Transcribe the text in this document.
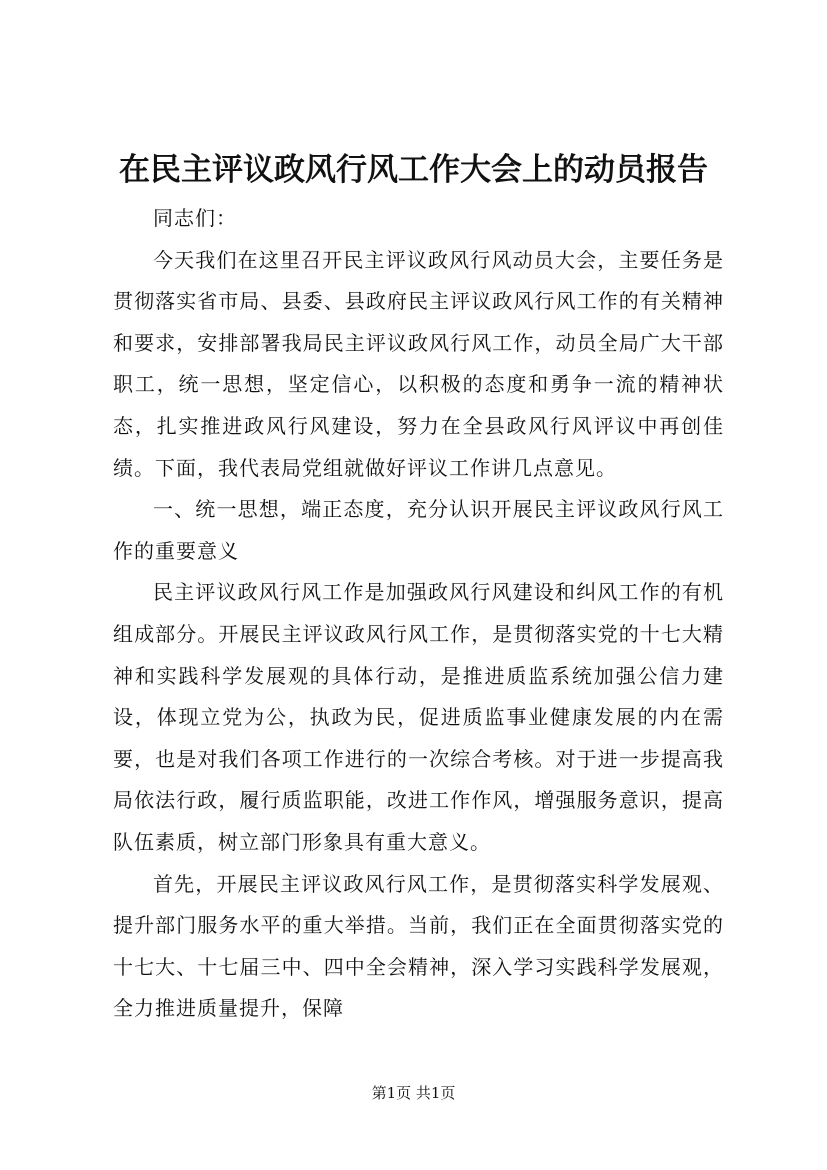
在民主评议政风行风工作大会上的动员报告

同志们：

今天我们在这里召开民主评议政风行风动员大会，主要任务是贯彻落实省市局、县委、县政府民主评议政风行风工作的有关精神和要求，安排部署我局民主评议政风行风工作，动员全局广大干部职工，统一思想，坚定信心，以积极的态度和勇争一流的精神状态，扎实推进政风行风建设，努力在全县政风行风评议中再创佳绩。下面，我代表局党组就做好评议工作讲几点意见。

一、统一思想，端正态度，充分认识开展民主评议政风行风工作的重要意义

民主评议政风行风工作是加强政风行风建设和纠风工作的有机组成部分。开展民主评议政风行风工作，是贯彻落实党的十七大精神和实践科学发展观的具体行动，是推进质监系统加强公信力建设，体现立党为公，执政为民，促进质监事业健康发展的内在需要，也是对我们各项工作进行的一次综合考核。对于进一步提高我局依法行政，履行质监职能，改进工作作风，增强服务意识，提高队伍素质，树立部门形象具有重大意义。

首先，开展民主评议政风行风工作，是贯彻落实科学发展观、提升部门服务水平的重大举措。当前，我们正在全面贯彻落实党的十七大、十七届三中、四中全会精神，深入学习实践科学发展观，全力推进质量提升，保障

第1页 共1页
